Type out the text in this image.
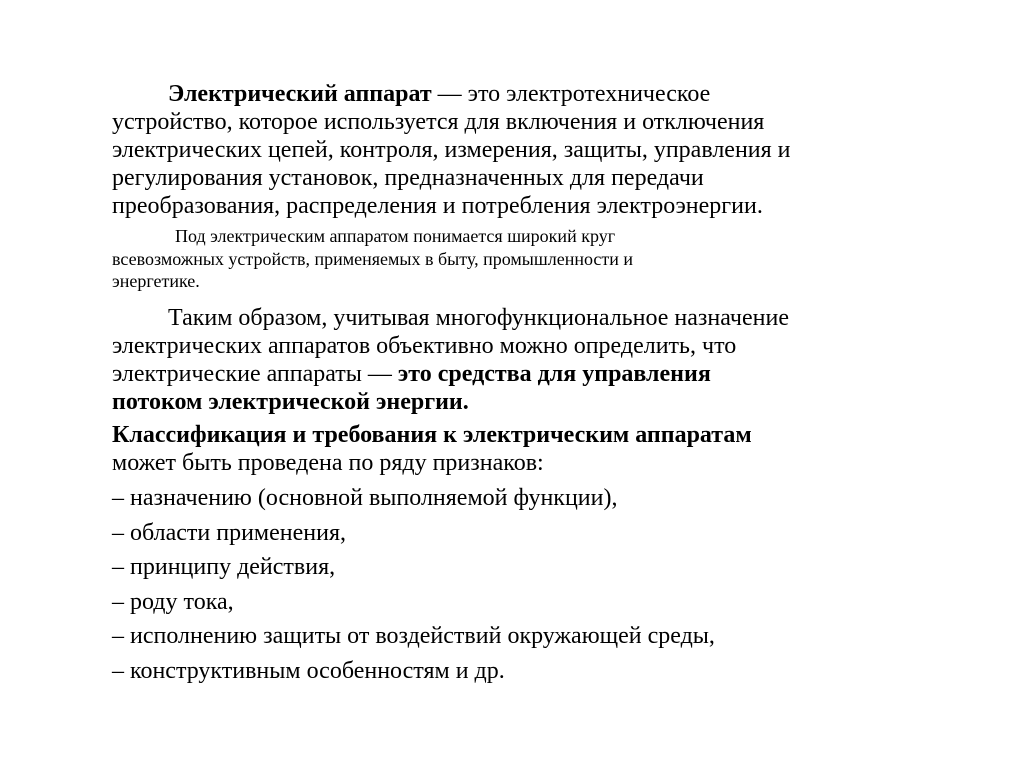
Электрический аппарат — это электротехническое
устройство, которое используется для включения и отключения
электрических цепей, контроля, измерения, защиты, управления и
регулирования установок, предназначенных для передачи
преобразования, распределения и потребления электроэнергии.

Под электрическим аппаратом понимается широкий круг
всевозможных устройств, применяемых в быту, промышленности и
энергетике.

Таким образом, учитывая многофункциональное назначение
электрических аппаратов объективно можно определить, что
электрические аппараты — это средства для управления
потоком электрической энергии.

Классификация и требования к электрическим аппаратам
может быть проведена по ряду признаков:

– назначению (основной выполняемой функции),
– области применения,
– принципу действия,
– роду тока,
– исполнению защиты от воздействий окружающей среды,
– конструктивным особенностям и др.
